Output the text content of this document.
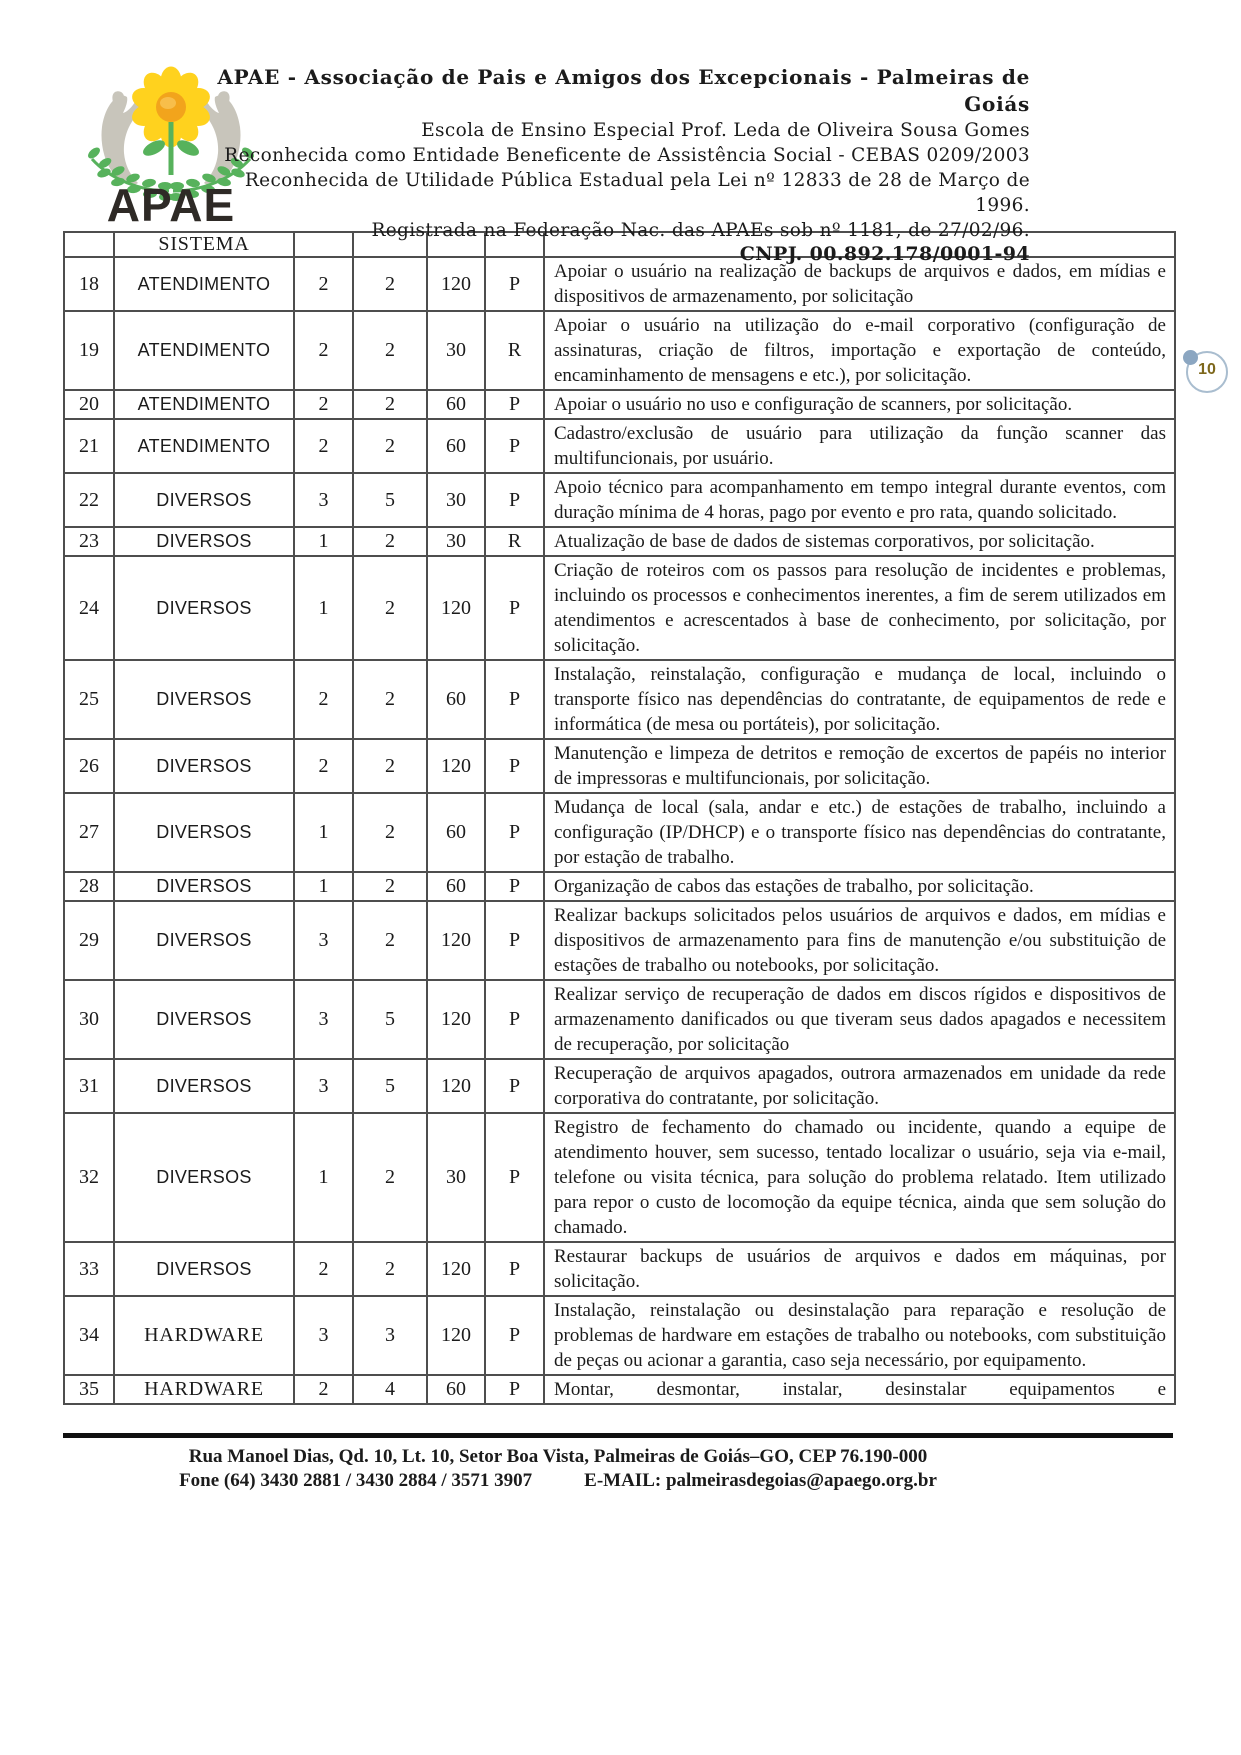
APAE
APAE - Associação de Pais e Amigos dos Excepcionais - Palmeiras de Goiás
Escola de Ensino Especial Prof. Leda de Oliveira Sousa Gomes
Reconhecida como Entidade Beneficente de Assistência Social - CEBAS 0209/2003
Reconhecida de Utilidade Pública Estadual pela Lei nº 12833 de 28 de Março de 1996.
Registrada na Federação Nac. das APAEs sob nº 1181, de 27/02/96.
CNPJ. 00.892.178/0001-94
	SISTEMA					
18	ATENDIMENTO	2	2	120	P	Apoiar o usuário na realização de backups de arquivos e dados, em mídias e dispositivos de armazenamento, por solicitação
19	ATENDIMENTO	2	2	30	R	Apoiar o usuário na utilização do e-mail corporativo (configuração de assinaturas, criação de filtros, importação e exportação de conteúdo, encaminhamento de mensagens e etc.), por solicitação.
20	ATENDIMENTO	2	2	60	P	Apoiar o usuário no uso e configuração de scanners, por solicitação.
21	ATENDIMENTO	2	2	60	P	Cadastro/exclusão de usuário para utilização da função scanner das multifuncionais, por usuário.
22	DIVERSOS	3	5	30	P	Apoio técnico para acompanhamento em tempo integral durante eventos, com duração mínima de 4 horas, pago por evento e pro rata, quando solicitado.
23	DIVERSOS	1	2	30	R	Atualização de base de dados de sistemas corporativos, por solicitação.
24	DIVERSOS	1	2	120	P	Criação de roteiros com os passos para resolução de incidentes e problemas, incluindo os processos e conhecimentos inerentes, a fim de serem utilizados em atendimentos e acrescentados à base de conhecimento, por solicitação, por solicitação.
25	DIVERSOS	2	2	60	P	Instalação, reinstalação, configuração e mudança de local, incluindo o transporte físico nas dependências do contratante, de equipamentos de rede e informática (de mesa ou portáteis), por solicitação.
26	DIVERSOS	2	2	120	P	Manutenção e limpeza de detritos e remoção de excertos de papéis no interior de impressoras e multifuncionais, por solicitação.
27	DIVERSOS	1	2	60	P	Mudança de local (sala, andar e etc.) de estações de trabalho, incluindo a configuração (IP/DHCP) e o transporte físico nas dependências do contratante, por estação de trabalho.
28	DIVERSOS	1	2	60	P	Organização de cabos das estações de trabalho, por solicitação.
29	DIVERSOS	3	2	120	P	Realizar backups solicitados pelos usuários de arquivos e dados, em mídias e dispositivos de armazenamento para fins de manutenção e/ou substituição de estações de trabalho ou notebooks, por solicitação.
30	DIVERSOS	3	5	120	P	Realizar serviço de recuperação de dados em discos rígidos e dispositivos de armazenamento danificados ou que tiveram seus dados apagados e necessitem de recuperação, por solicitação
31	DIVERSOS	3	5	120	P	Recuperação de arquivos apagados, outrora armazenados em unidade da rede corporativa do contratante, por solicitação.
32	DIVERSOS	1	2	30	P	Registro de fechamento do chamado ou incidente, quando a equipe de atendimento houver, sem sucesso, tentado localizar o usuário, seja via e-mail, telefone ou visita técnica, para solução do problema relatado. Item utilizado para repor o custo de locomoção da equipe técnica, ainda que sem solução do chamado.
33	DIVERSOS	2	2	120	P	Restaurar backups de usuários de arquivos e dados em máquinas, por solicitação.
34	HARDWARE	3	3	120	P	Instalação, reinstalação ou desinstalação para reparação e resolução de problemas de hardware em estações de trabalho ou notebooks, com substituição de peças ou acionar a garantia, caso seja necessário, por equipamento.
35	HARDWARE	2	4	60	P	Montar, desmontar, instalar, desinstalar equipamentos e
10
Rua Manoel Dias, Qd. 10, Lt. 10, Setor Boa Vista, Palmeiras de Goiás–GO, CEP 76.190-000
Fone (64) 3430 2881 / 3430 2884 / 3571 3907	E-MAIL: palmeirasdegoias@apaego.org.br
